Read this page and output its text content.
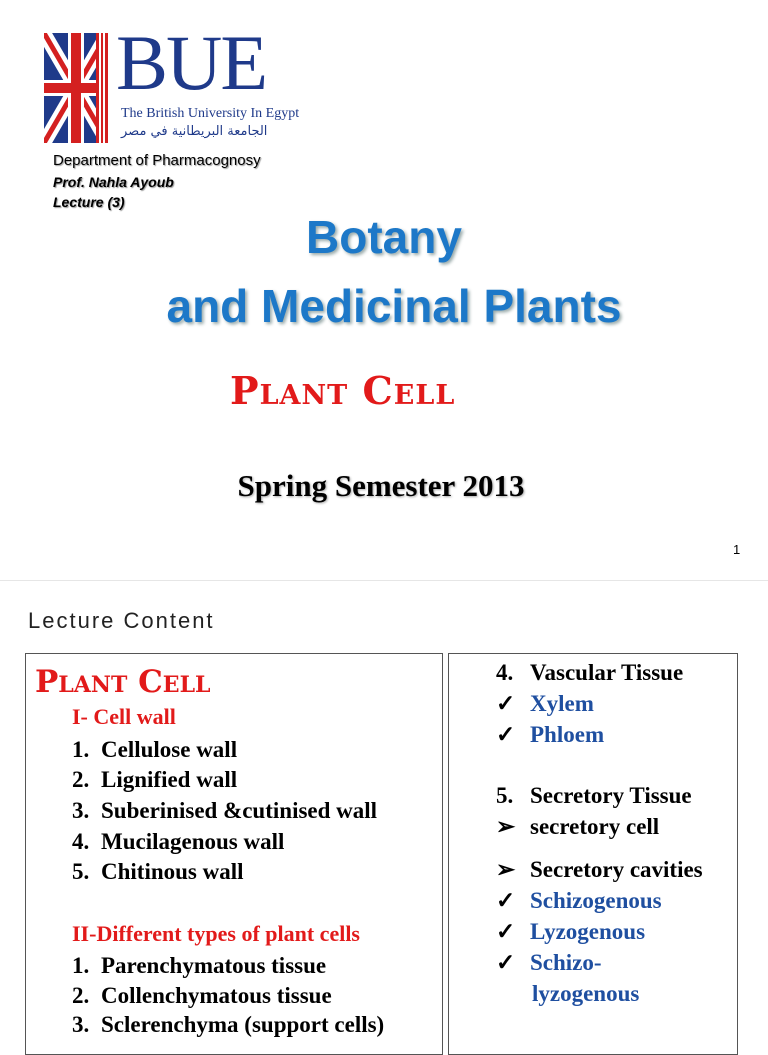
BUE
The British University In Egypt
الجامعة البريطانية في مصر
Department of Pharmacognosy
Prof. Nahla Ayoub
Lecture (3)
Botany
and Medicinal Plants
Plant Cell
Spring Semester 2013
1
Lecture Content
Plant Cell
I- Cell wall
1. Cellulose wall
2. Lignified wall
3. Suberinised &cutinised wall
4. Mucilagenous wall
5. Chitinous wall
II-Different types of plant cells
1. Parenchymatous tissue
2. Collenchymatous tissue
3. Sclerenchyma (support cells)
4. Vascular Tissue
✓ Xylem
✓ Phloem
5. Secretory Tissue
➢ secretory cell
➢ Secretory cavities
✓ Schizogenous
✓ Lyzogenous
✓ Schizo-
lyzogenous
